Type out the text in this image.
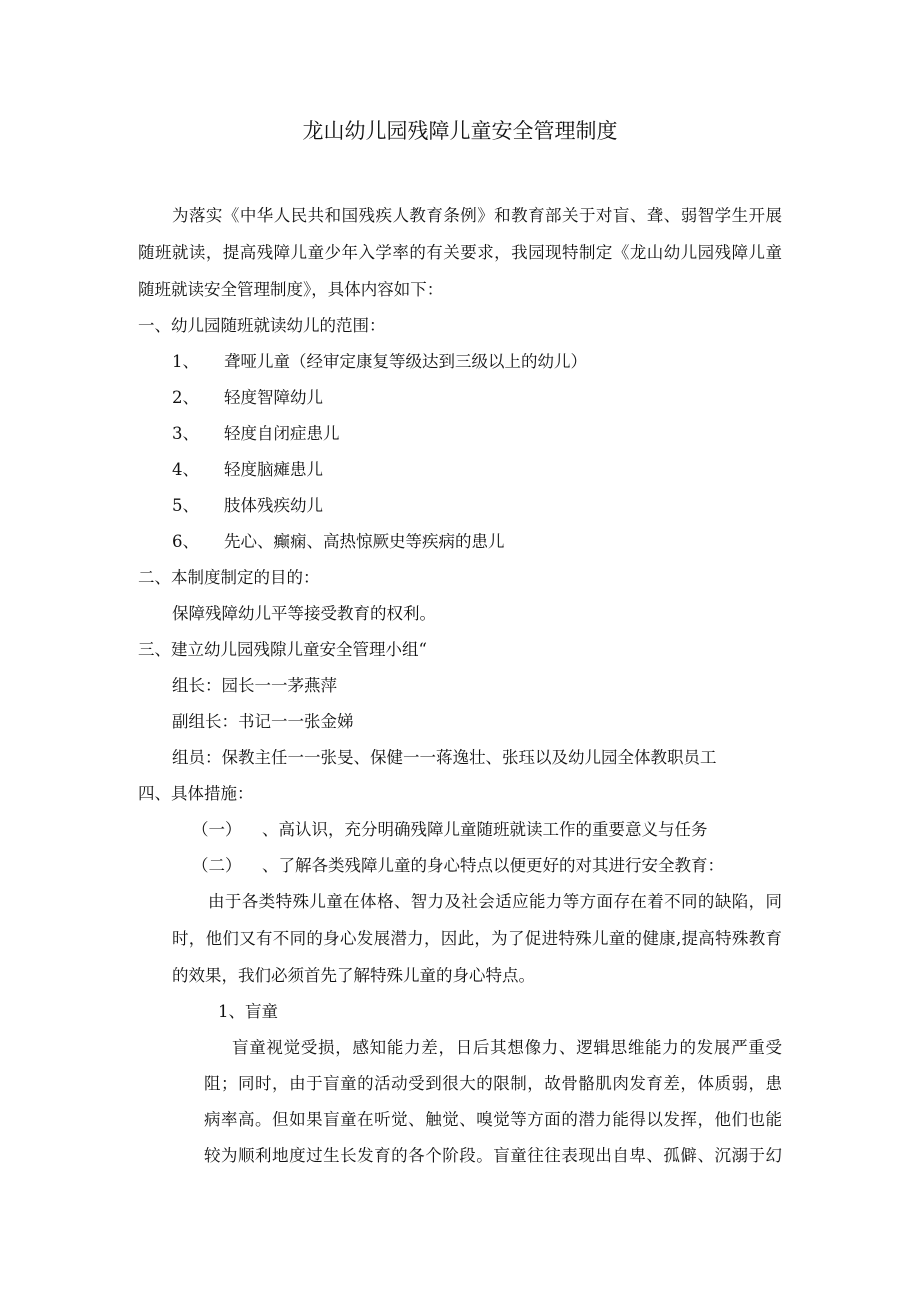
龙山幼儿园残障儿童安全管理制度
为落实《中华人民共和国残疾人教育条例》和教育部关于对盲、聋、弱智学生开展
随班就读，提高残障儿童少年入学率的有关要求，我园现特制定《龙山幼儿园残障儿童
随班就读安全管理制度》，具体内容如下：
一、幼儿园随班就读幼儿的范围：
1、 聋哑儿童（经审定康复等级达到三级以上的幼儿）
2、 轻度智障幼儿
3、 轻度自闭症患儿
4、 轻度脑瘫患儿
5、 肢体残疾幼儿
6、 先心、癫痫、高热惊厥史等疾病的患儿
二、本制度制定的目的：
保障残障幼儿平等接受教育的权利。
三、建立幼儿园残隙儿童安全管理小组“
组长：园长一一茅燕萍
副组长：书记一一张金娣
组员：保教主任一一张旻、保健一一蒋逸壮、张珏以及幼儿园全体教职员工
四、具体措施：
（一） 、高认识，充分明确残障儿童随班就读工作的重要意义与任务
（二） 、了解各类残障儿童的身心特点以便更好的对其进行安全教育：
由于各类特殊儿童在体格、智力及社会适应能力等方面存在着不同的缺陷，同
时，他们又有不同的身心发展潜力，因此，为了促进特殊儿童的健康,提高特殊教育
的效果，我们必须首先了解特殊儿童的身心特点。
1、盲童
盲童视觉受损，感知能力差，日后其想像力、逻辑思维能力的发展严重受
阻；同时，由于盲童的活动受到很大的限制，故骨骼肌肉发育差，体质弱，患
病率高。但如果盲童在听觉、触觉、嗅觉等方面的潜力能得以发挥，他们也能
较为顺利地度过生长发育的各个阶段。盲童往往表现出自卑、孤僻、沉溺于幻
